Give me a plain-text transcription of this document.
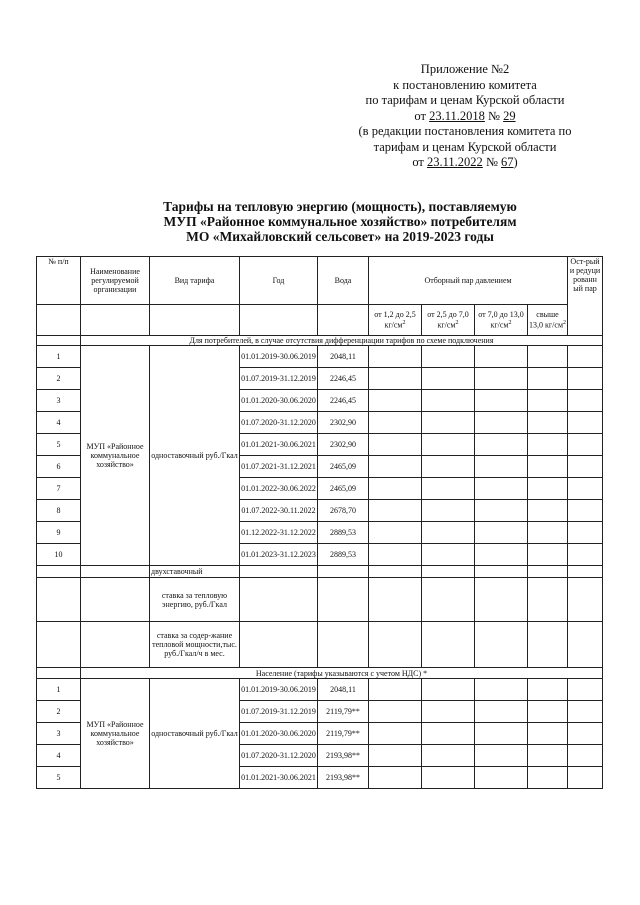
Приложение №2
к постановлению комитета
по тарифам и ценам Курской области
от 23.11.2018 № 29
(в редакции постановления комитета по
тарифам и ценам Курской области
от 23.11.2022 № 67)
Тарифы на тепловую энергию (мощность), поставляемую
МУП «Районное коммунальное хозяйство» потребителям
МО «Михайловский сельсовет» на 2019-2023 годы
№ п/п	Наименование регулируемой организации	Вид тарифа	Год	Вода	Отборный пар давлением				Ост-рый и редуци рованн ый пар
					от 1,2 до 2,5 $кг/см^2$	от 2,5 до 7,0 $кг/см^2$	от 7,0 до 13,0 $кг/см^2$	свыше 13,0 $кг/см^2$
	Для потребителей, в случае отсутствия дифференциации тарифов по схеме подключения								
1	МУП «Районное коммунальное хозяйство»	одноставочный руб./Гкал	01.01.2019-30.06.2019	2048,11					
2			01.07.2019-31.12.2019	2246,45					
3			01.01.2020-30.06.2020	2246,45					
4			01.07.2020-31.12.2020	2302,90					
5			01.01.2021-30.06.2021	2302,90					
6			01.07.2021-31.12.2021	2465,09					
7			01.01.2022-30.06.2022	2465,09					
8			01.07.2022-30.11.2022	2678,70					
9			01.12.2022-31.12.2022	2889,53					
10			01.01.2023-31.12.2023	2889,53					
		двухставочный							
		ставка за тепловую энергию, руб./Гкал							
		ставка за содер-жание тепловой мощности,тыс. руб./Гкал/ч в мес.							
	Население (тарифы указываются с учетом НДС) *								
1	МУП «Районное коммунальное хозяйство»	одноставочный руб./Гкал	01.01.2019-30.06.2019	2048,11					
2			01.07.2019-31.12.2019	2119,79**					
3			01.01.2020-30.06.2020	2119,79**					
4			01.07.2020-31.12.2020	2193,98**					
5			01.01.2021-30.06.2021	2193,98**					
